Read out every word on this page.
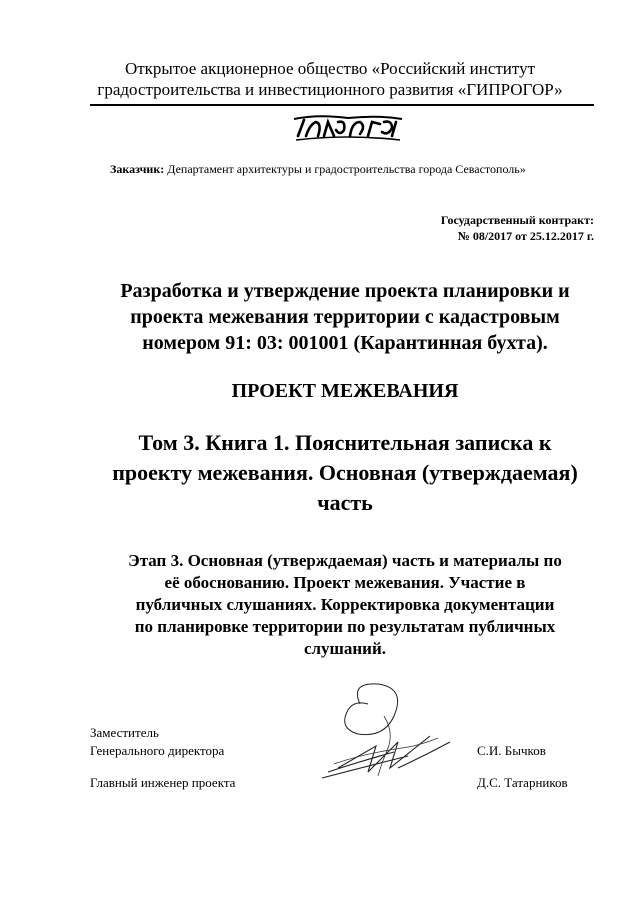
Открытое акционерное общество «Российский институт
градостроительства и инвестиционного развития «ГИПРОГОР»
Заказчик: Департамент архитектуры и градостроительства города Севастополь»
Государственный контракт:
№ 08/2017 от 25.12.2017 г.
Разработка и утверждение проекта планировки и
проекта межевания территории с кадастровым
номером 91: 03: 001001 (Карантинная бухта).
ПРОЕКТ МЕЖЕВАНИЯ
Том 3. Книга 1. Пояснительная записка к
проекту межевания. Основная (утверждаемая)
часть
Этап 3. Основная (утверждаемая) часть и материалы по
её обоснованию. Проект межевания. Участие в
публичных слушаниях. Корректировка документации
по планировке территории по результатам публичных
слушаний.
Заместитель
Генерального директора	С.И. Бычков
Главный инженер проекта	Д.С. Татарников
